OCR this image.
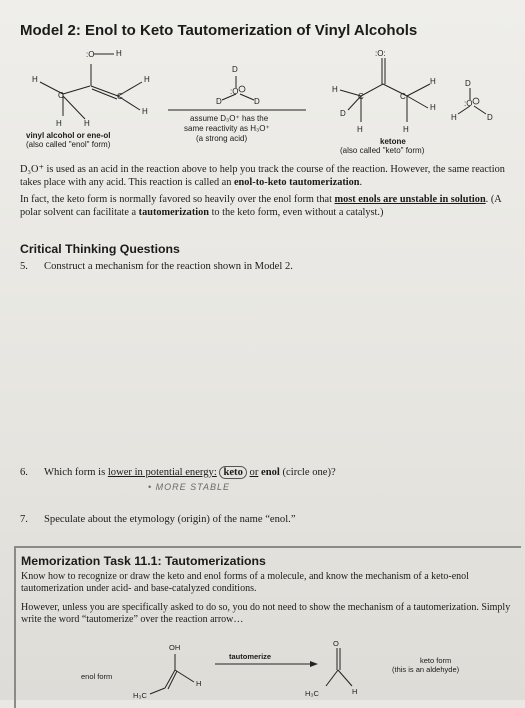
Model 2: Enol to Keto Tautomerization of Vinyl Alcohols
:O	H
C	C
H	H
H
H	H
D
:O
D	D
:O:
C	C
H
H
D
H
H	H
D
:O
H	D
vinyl alcohol or ene-ol
(also called "enol" form)
assume D₃O⁺ has the
same reactivity as H₃O⁺
(a strong acid)	ketone
(also called "keto" form)
D₃O⁺ is used as an acid in the reaction above to help you track the course of the reaction. However, the same reaction takes place with any acid. This reaction is called an enol-to-keto tautomerization.
In fact, the keto form is normally favored so heavily over the enol form that most enols are unstable in solution. (A polar solvent can facilitate a tautomerization to the keto form, even without a catalyst.)
Critical Thinking Questions
5. Construct a mechanism for the reaction shown in Model 2.
6. Which form is lower in potential energy: keto or enol (circle one)?
• MORE STABLE
7. Speculate about the etymology (origin) of the name “enol.”
Memorization Task 11.1: Tautomerizations
Know how to recognize or draw the keto and enol forms of a molecule, and know the mechanism of a keto-enol tautomerization under acid- and base-catalyzed conditions.
However, unless you are specifically asked to do so, you do not need to show the mechanism of a tautomerization. Simply write the word “tautomerize” over the reaction arrow…
OH
H₃C
H
O
H₃C	H
enol form
tautomerize	keto form
(this is an aldehyde)
